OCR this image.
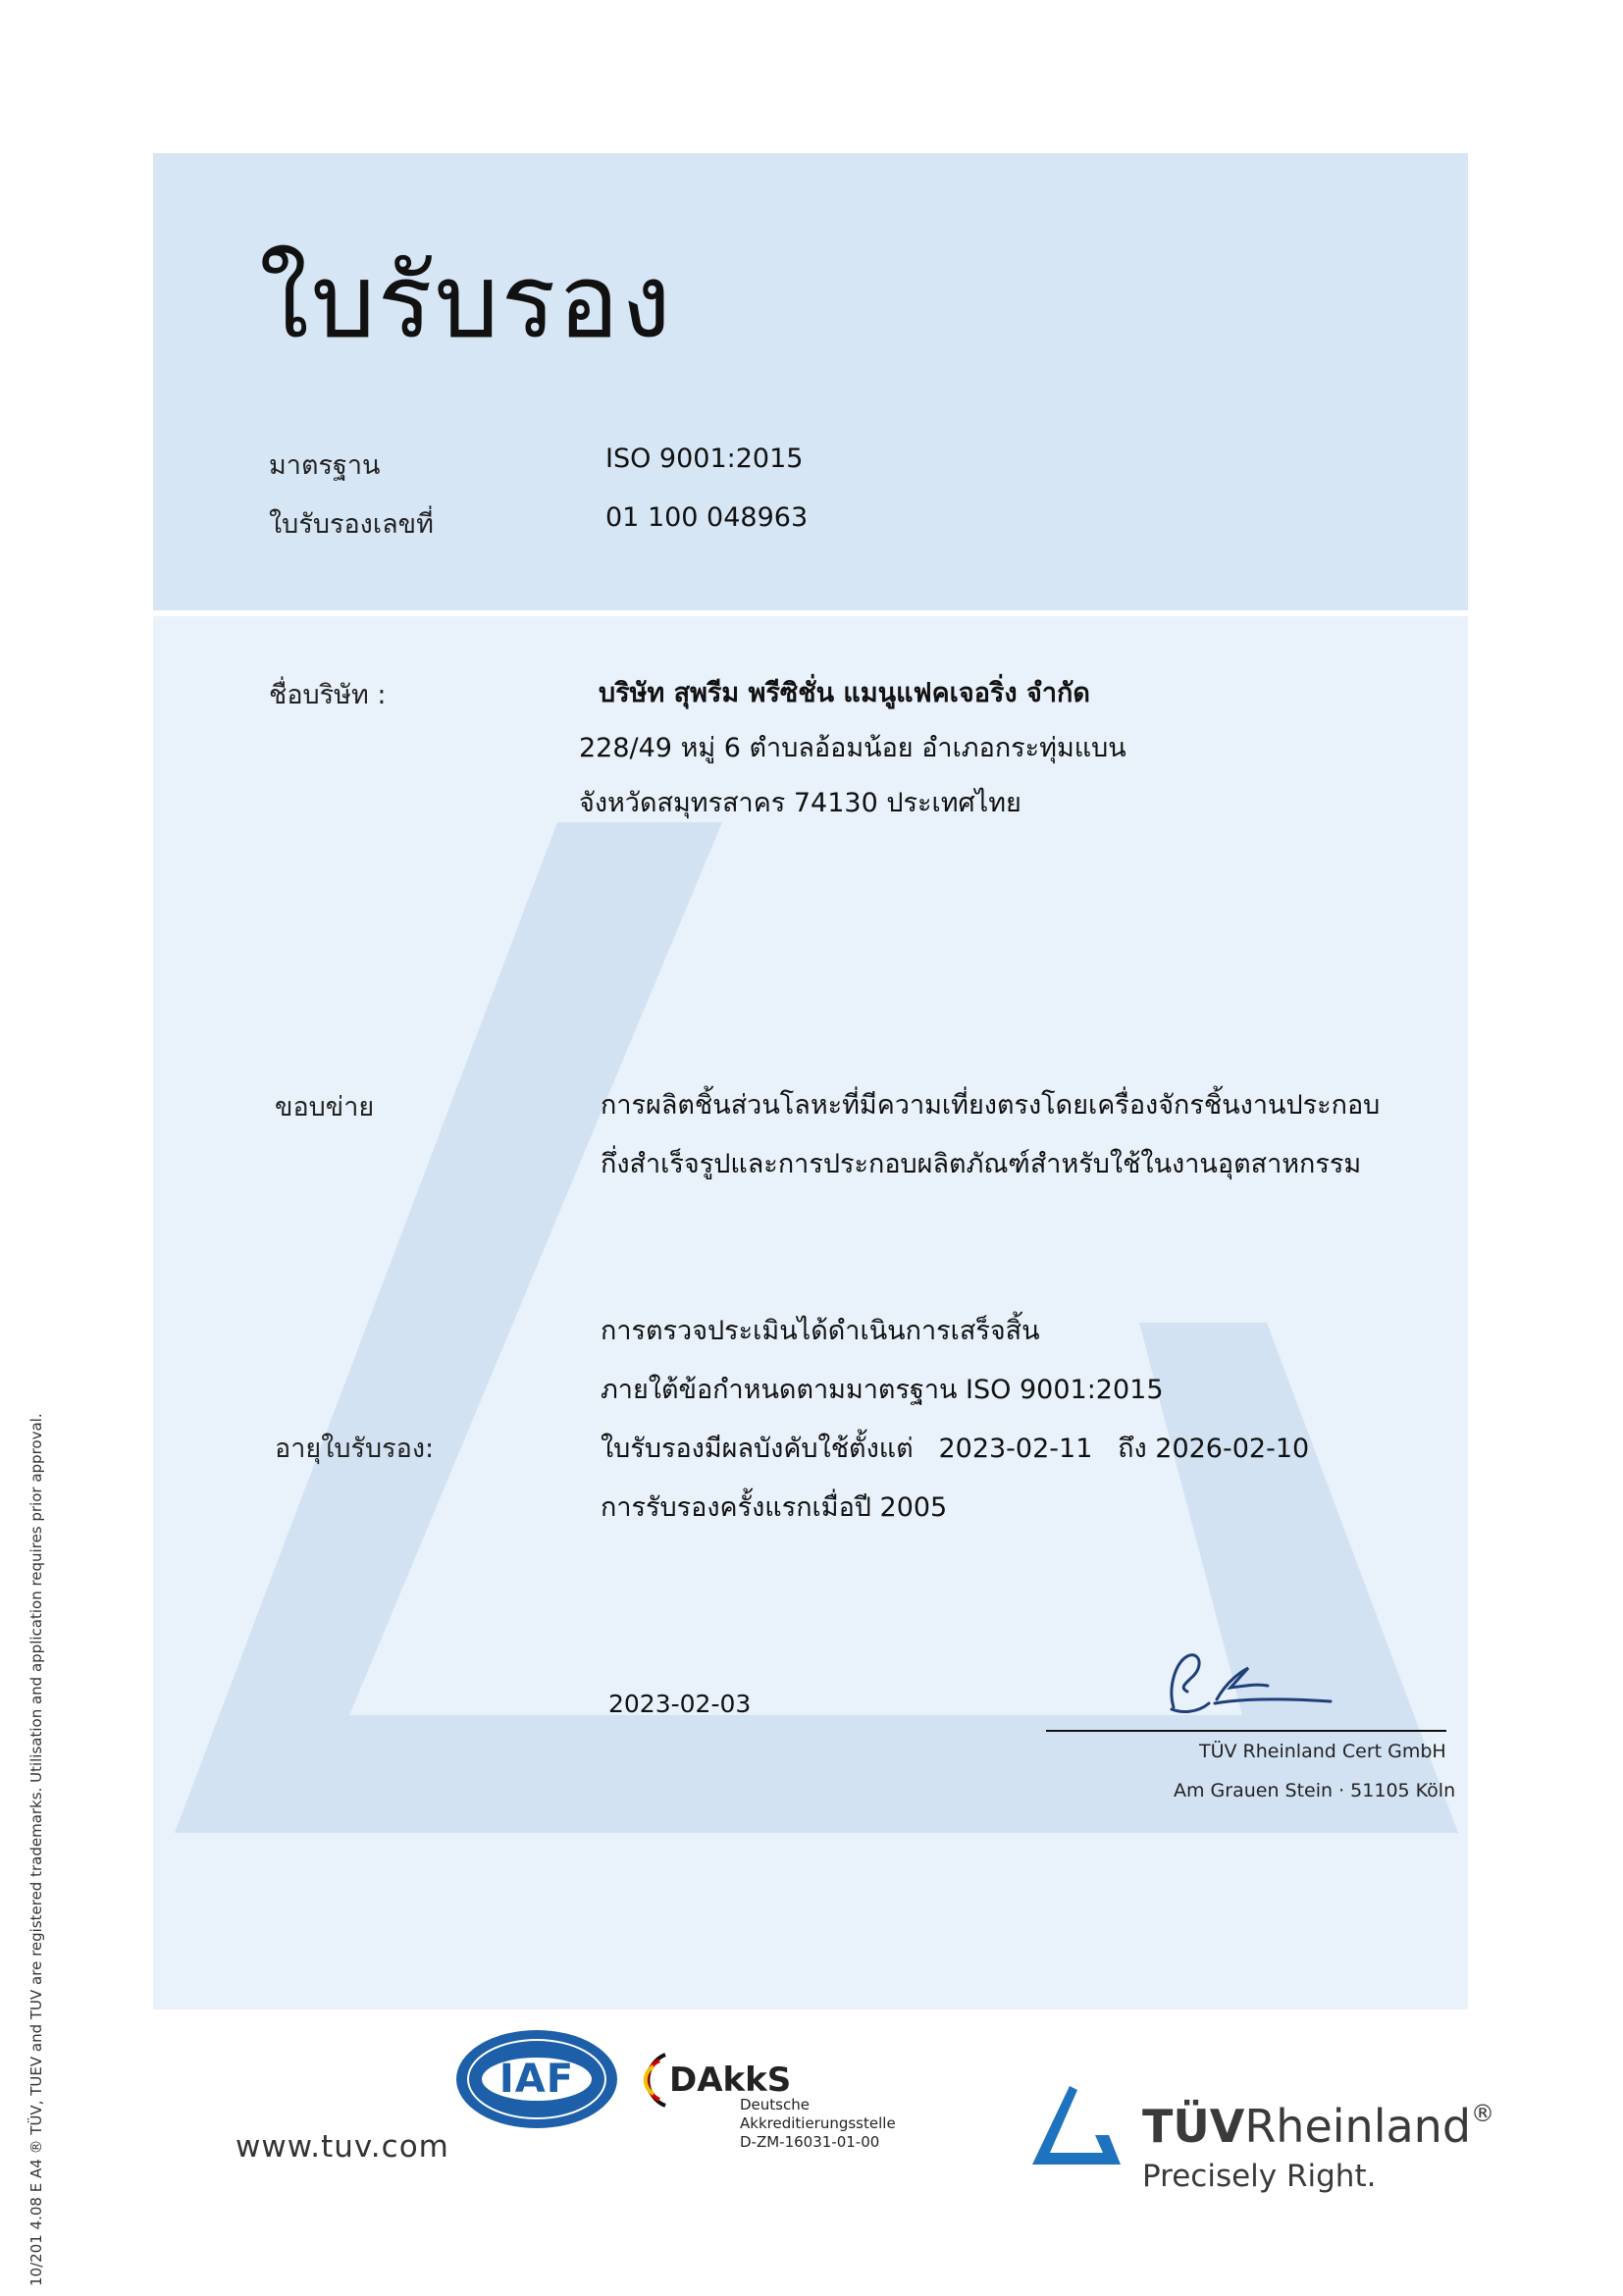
ใบรับรอง
มาตรฐาน	ISO 9001:2015
ใบรับรองเลขที่	01 100 048963
ชื่อบริษัท :	บริษัท สุพรีม พรีซิชั่น แมนูแฟคเจอริ่ง จำกัด
228/49 หมู่ 6 ตำบลอ้อมน้อย อำเภอกระทุ่มแบน
จังหวัดสมุทรสาคร 74130 ประเทศไทย
ขอบข่าย	การผลิตชิ้นส่วนโลหะที่มีความเที่ยงตรงโดยเครื่องจักรชิ้นงานประกอบ
กึ่งสำเร็จรูปและการประกอบผลิตภัณฑ์สำหรับใช้ในงานอุตสาหกรรม
การตรวจประเมินได้ดำเนินการเสร็จสิ้น
ภายใต้ข้อกำหนดตามมาตรฐาน ISO 9001:2015
อายุใบรับรอง:	ใบรับรองมีผลบังคับใช้ตั้งแต่ 2023-02-11 ถึง 2026-02-10
การรับรองครั้งแรกเมื่อปี 2005
2023-02-03
TÜV Rheinland Cert GmbH
Am Grauen Stein · 51105 Köln
10/201 4.08 E A4 ® TÜV, TUEV and TUV are registered trademarks. Utilisation and application requires prior approval.	www.tuv.com
IAF	DAkkS
Deutsche
Akkreditierungsstelle
D-ZM-16031-01-00	TÜVRheinland®
Precisely Right.
